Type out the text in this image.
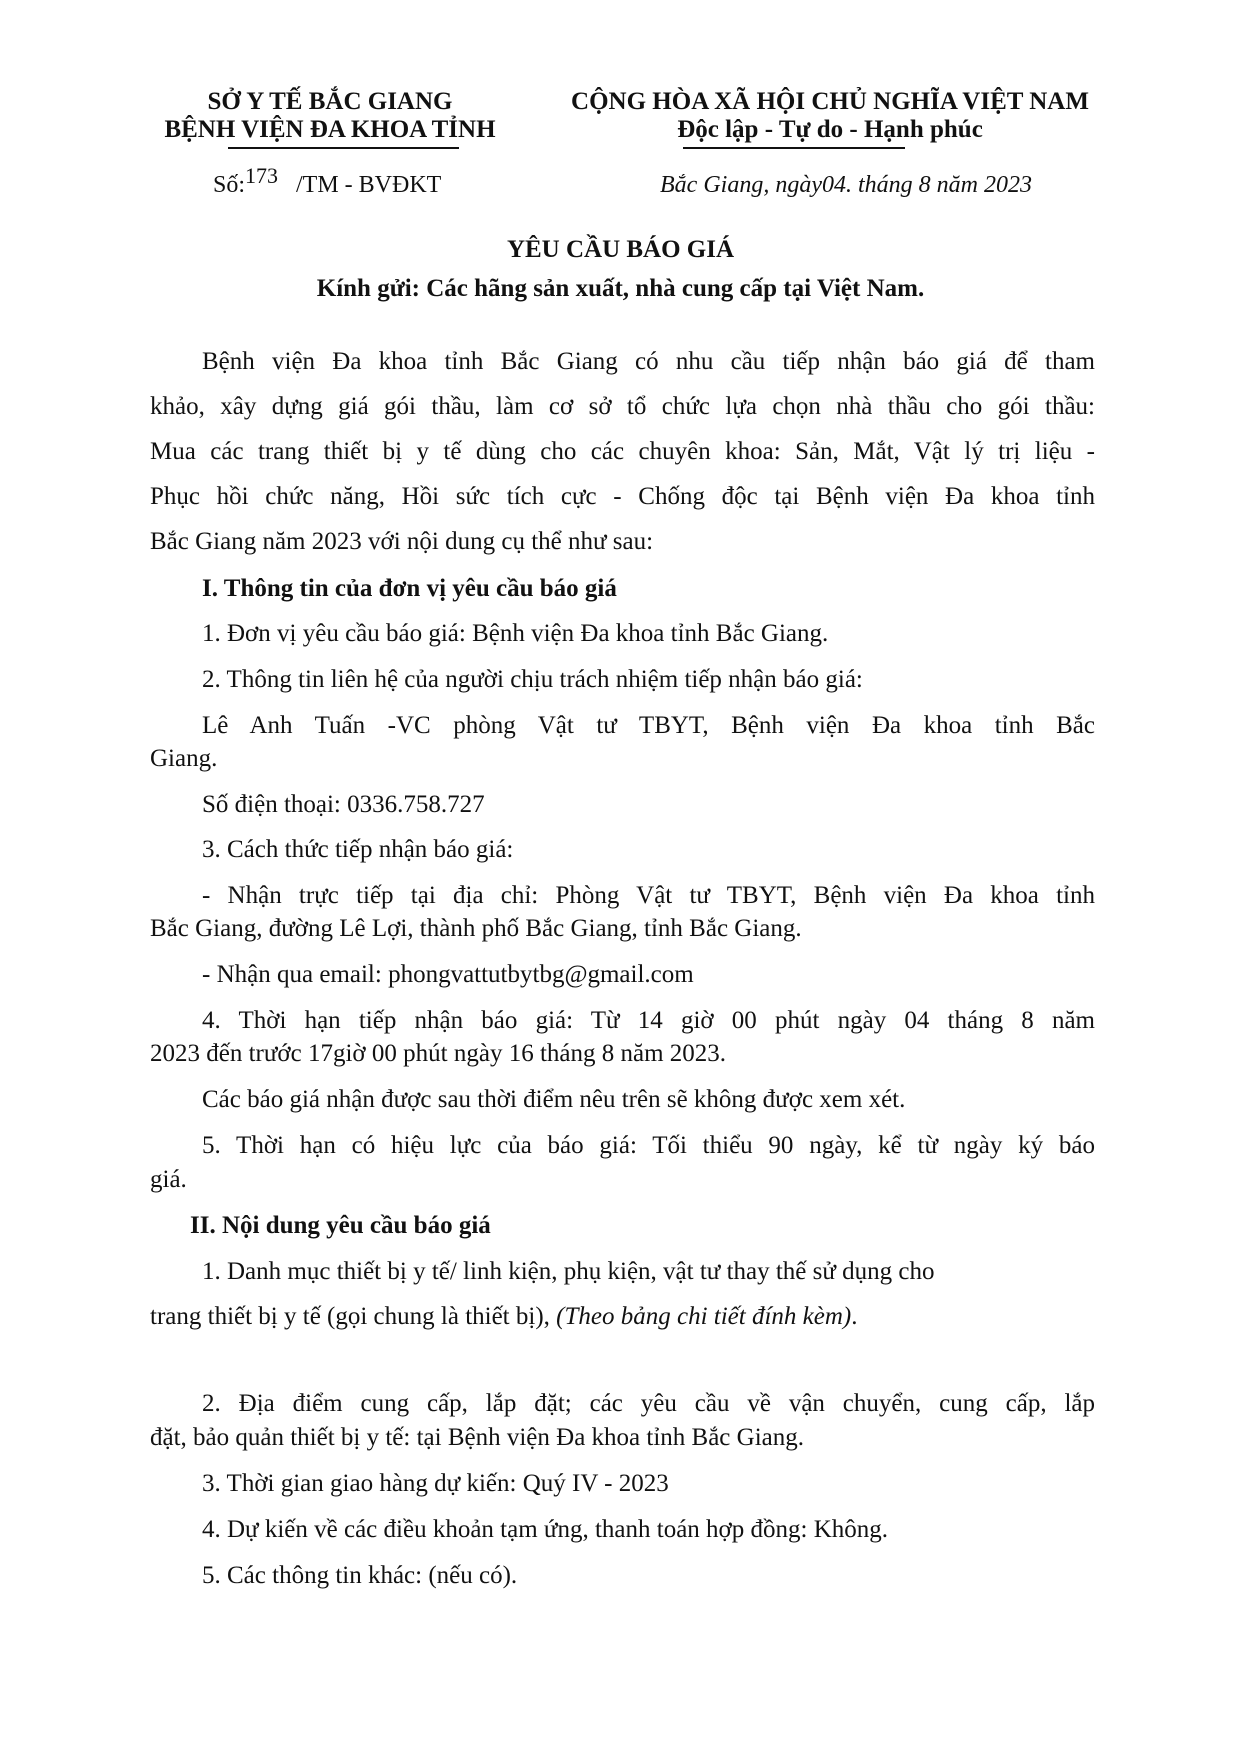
SỞ Y TẾ BẮC GIANG
BỆNH VIỆN ĐA KHOA TỈNH
CỘNG HÒA XÃ HỘI CHỦ NGHĨA VIỆT NAM
Độc lập - Tự do - Hạnh phúc
Số:173 /TM - BVĐKT	Bắc Giang, ngày04. tháng 8 năm 2023
YÊU CẦU BÁO GIÁ
Kính gửi: Các hãng sản xuất, nhà cung cấp tại Việt Nam.
Bệnh viện Đa khoa tỉnh Bắc Giang có nhu cầu tiếp nhận báo giá để tham
khảo, xây dựng giá gói thầu, làm cơ sở tổ chức lựa chọn nhà thầu cho gói thầu:
Mua các trang thiết bị y tế dùng cho các chuyên khoa: Sản, Mắt, Vật lý trị liệu -
Phục hồi chức năng, Hồi sức tích cực - Chống độc tại Bệnh viện Đa khoa tỉnh
Bắc Giang năm 2023 với nội dung cụ thể như sau:
I. Thông tin của đơn vị yêu cầu báo giá
1. Đơn vị yêu cầu báo giá: Bệnh viện Đa khoa tỉnh Bắc Giang.
2. Thông tin liên hệ của người chịu trách nhiệm tiếp nhận báo giá:
Lê Anh Tuấn -VC phòng Vật tư TBYT, Bệnh viện Đa khoa tỉnh Bắc
Giang.
Số điện thoại: 0336.758.727
3. Cách thức tiếp nhận báo giá:
- Nhận trực tiếp tại địa chỉ: Phòng Vật tư TBYT, Bệnh viện Đa khoa tỉnh
Bắc Giang, đường Lê Lợi, thành phố Bắc Giang, tỉnh Bắc Giang.
- Nhận qua email: phongvattutbytbg@gmail.com
4. Thời hạn tiếp nhận báo giá: Từ 14 giờ 00 phút ngày 04 tháng 8 năm
2023 đến trước 17giờ 00 phút ngày 16 tháng 8 năm 2023.
Các báo giá nhận được sau thời điểm nêu trên sẽ không được xem xét.
5. Thời hạn có hiệu lực của báo giá: Tối thiểu 90 ngày, kể từ ngày ký báo
giá.
II. Nội dung yêu cầu báo giá
1. Danh mục thiết bị y tế/ linh kiện, phụ kiện, vật tư thay thế sử dụng cho
trang thiết bị y tế (gọi chung là thiết bị), (Theo bảng chi tiết đính kèm).
2. Địa điểm cung cấp, lắp đặt; các yêu cầu về vận chuyển, cung cấp, lắp
đặt, bảo quản thiết bị y tế: tại Bệnh viện Đa khoa tỉnh Bắc Giang.
3. Thời gian giao hàng dự kiến: Quý IV - 2023
4. Dự kiến về các điều khoản tạm ứng, thanh toán hợp đồng: Không.
5. Các thông tin khác: (nếu có).
